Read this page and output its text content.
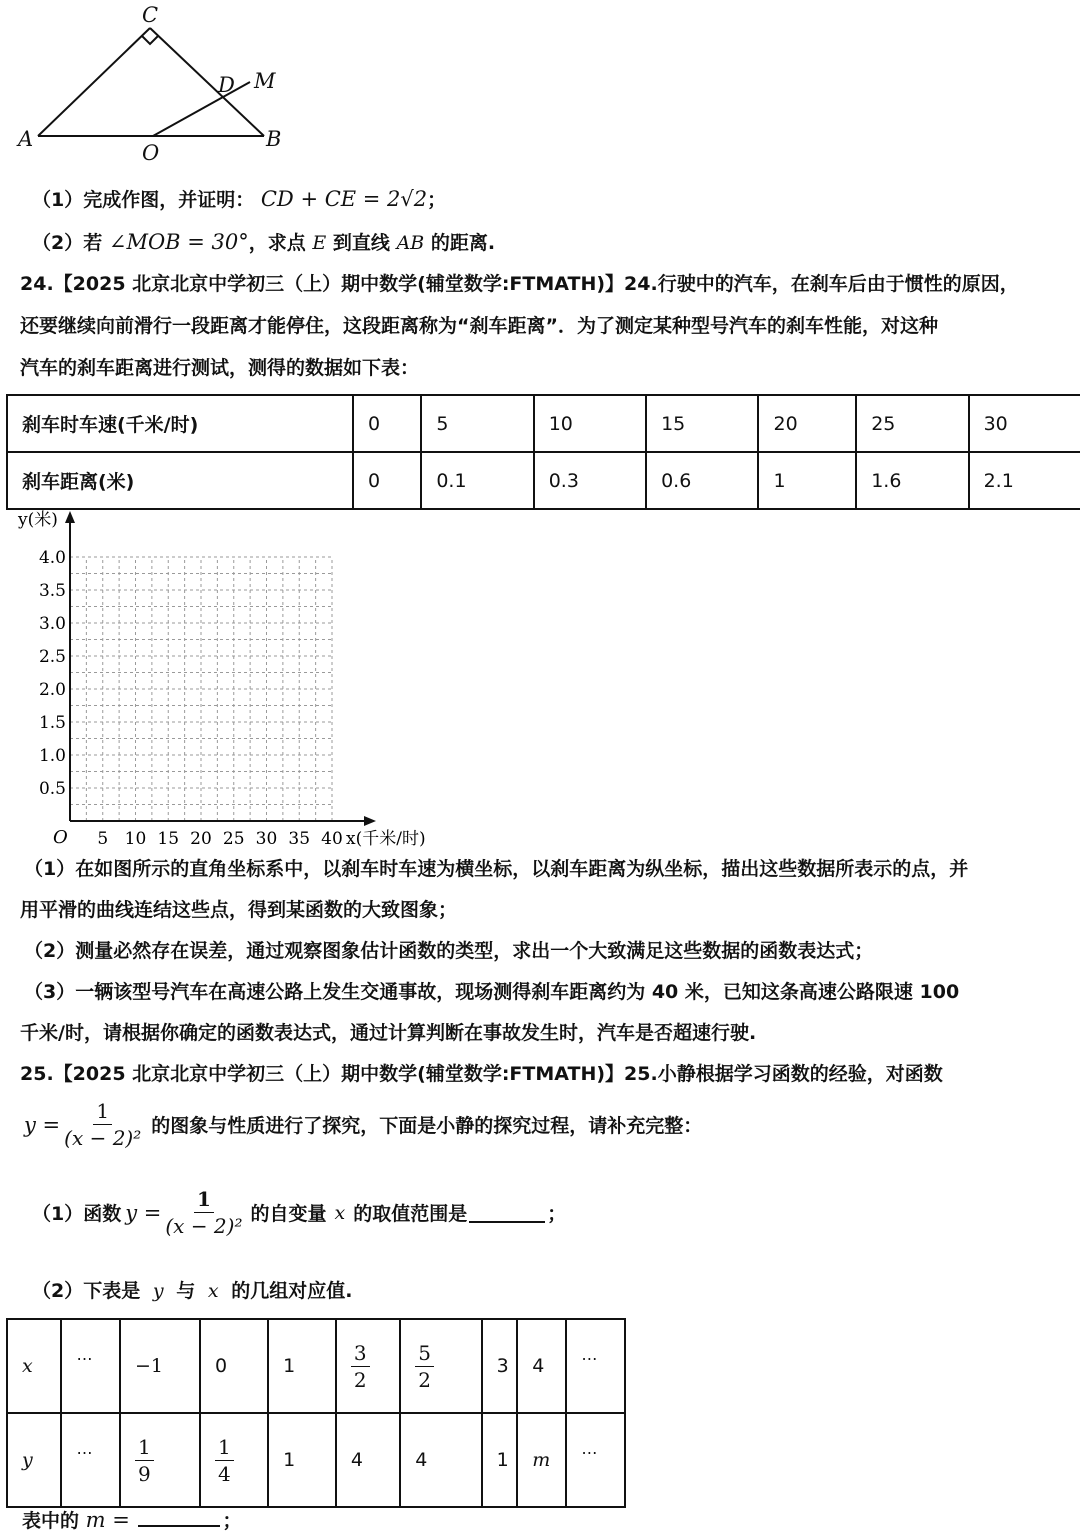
C
D M
A
O
B
（1）完成作图，并证明： CD + CE = 2√2；
（2）若 ∠MOB = 30°，求点 E 到直线 AB 的距离.
24.【2025 北京北京中学初三（上）期中数学(辅堂数学:FTMATH)】24.行驶中的汽车，在刹车后由于惯性的原因，
还要继续向前滑行一段距离才能停住，这段距离称为“刹车距离”．为了测定某种型号汽车的刹车性能，对这种
汽车的刹车距离进行测试，测得的数据如下表：
刹车时车速(千米/时)	0	5	10	15	20	25	30
刹车距离(米)	0	0.1	0.3	0.6	1	1.6	2.1
5 10 15 20 25 30 35 40
4.0
3.5
3.0
2.5
2.0
1.5
1.0
0.5
O	x(千米/时)
y(米)
（1）在如图所示的直角坐标系中，以刹车时车速为横坐标，以刹车距离为纵坐标，描出这些数据所表示的点，并
用平滑的曲线连结这些点，得到某函数的大致图象；
（2）测量必然存在误差，通过观察图象估计函数的类型，求出一个大致满足这些数据的函数表达式；
（3）一辆该型号汽车在高速公路上发生交通事故，现场测得刹车距离约为 40 米，已知这条高速公路限速 100
千米/时，请根据你确定的函数表达式，通过计算判断在事故发生时，汽车是否超速行驶.
25.【2025 北京北京中学初三（上）期中数学(辅堂数学:FTMATH)】25.小静根据学习函数的经验，对函数
$y = \frac{1}{\text{(x − 2)²}}$ 的图象与性质进行了探究，下面是小静的探究过程，请补充完整：
（1）函数 $y = \frac{1}{\text{(x − 2)²}}$ 的自变量 x 的取值范围是	；
（2）下表是 y 与 x 的几组对应值.
x	…	−1	0	1	$\frac{3}{2}$	$\frac{5}{2}$	3	4	…
y	…	$\frac{1}{9}$	$\frac{1}{4}$	1	4	4	1	m	…
表中的 m =	；
